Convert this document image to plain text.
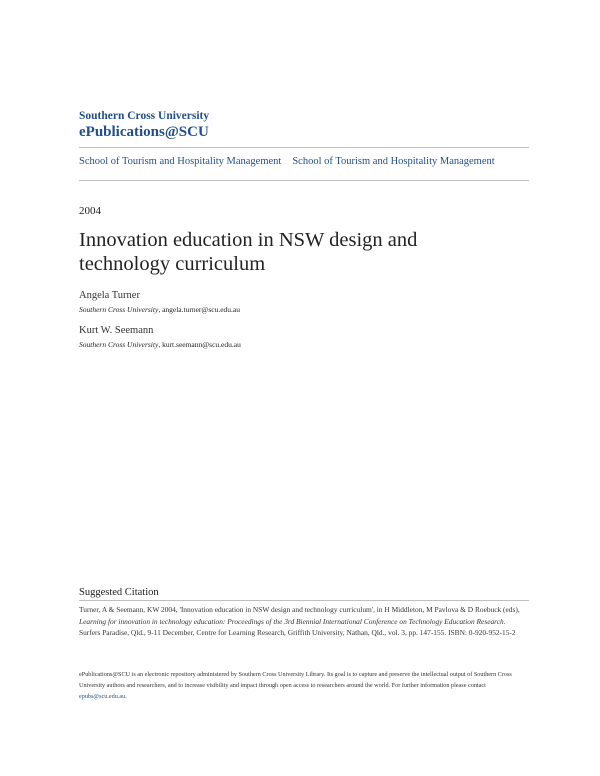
Southern Cross University
ePublications@SCU
School of Tourism and Hospitality Management School of Tourism and Hospitality Management
2004
Innovation education in NSW design and technology curriculum
Angela Turner
Southern Cross University, angela.turner@scu.edu.au
Kurt W. Seemann
Southern Cross University, kurt.seemann@scu.edu.au
Suggested Citation
Turner, A & Seemann, KW 2004, 'Innovation education in NSW design and technology curriculum', in H Middleton, M Pavlova & D Roebuck (eds), Learning for innovation in technology education: Proceedings of the 3rd Biennial International Conference on Technology Education Research. Surfers Paradise, Qld., 9-11 December, Centre for Learning Research, Griffith University, Nathan, Qld., vol. 3, pp. 147-155. ISBN: 0-920-952-15-2
ePublications@SCU is an electronic repository administered by Southern Cross University Library. Its goal is to capture and preserve the intellectual output of Southern Cross University authors and researchers, and to increase visibility and impact through open access to researchers around the world. For further information please contact epubs@scu.edu.au.
